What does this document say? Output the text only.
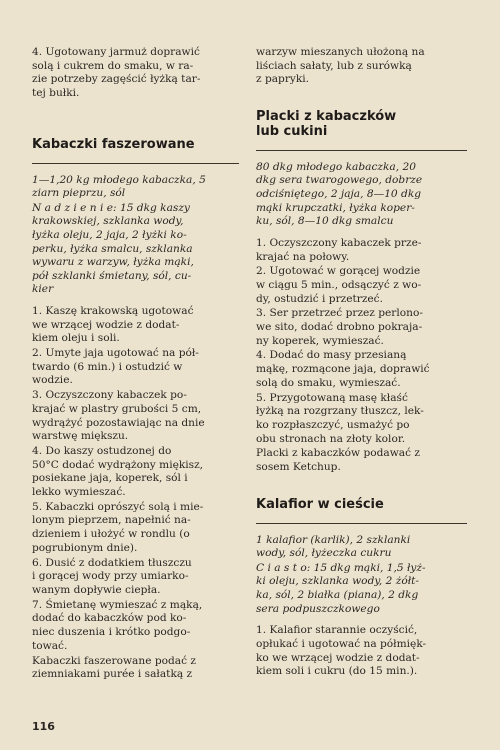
4. Ugotowany jarmuż doprawić
solą i cukrem do smaku, w ra-
zie potrzeby zagęścić łyżką tar-
tej bułki.

Kabaczki faszerowane

1—1,20 kg młodego kabaczka, 5
ziarn pieprzu, sól

N a d z i e n i e: 15 dkg kaszy
krakowskiej, szklanka wody,
łyżka oleju, 2 jaja, 2 łyżki ko-
perku, łyżka smalcu, szklanka
wywaru z warzyw, łyżka mąki,
pół szklanki śmietany, sól, cu-
kier

1. Kaszę krakowską ugotować
we wrzącej wodzie z dodat-
kiem oleju i soli.

2. Umyte jaja ugotować na pół-
twardo (6 min.) i ostudzić w
wodzie.

3. Oczyszczony kabaczek po-
krajać w plastry grubości 5 cm,
wydrążyć pozostawiając na dnie
warstwę miększu.

4. Do kaszy ostudzonej do
50°C dodać wydrążony miękisz,
posiekane jaja, koperek, sól i
lekko wymieszać.

5. Kabaczki oprószyć solą i mie-
lonym pieprzem, napełnić na-
dzieniem i ułożyć w rondlu (o
pogrubionym dnie).

6. Dusić z dodatkiem tłuszczu
i gorącej wody przy umiarko-
wanym dopływie ciepła.

7. Śmietanę wymieszać z mąką,
dodać do kabaczków pod ko-
niec duszenia i krótko podgo-
tować.

Kabaczki faszerowane podać z
ziemniakami purée i sałatką z

warzyw mieszanych ułożoną na
liściach sałaty, lub z surówką
z papryki.

Placki z kabaczków
lub cukini

80 dkg młodego kabaczka, 20
dkg sera twarogowego, dobrze
odciśniętego, 2 jaja, 8—10 dkg
mąki krupczatki, łyżka koper-
ku, sól, 8—10 dkg smalcu

1. Oczyszczony kabaczek prze-
krajać na połowy.

2. Ugotować w gorącej wodzie
w ciągu 5 min., odsączyć z wo-
dy, ostudzić i przetrzeć.

3. Ser przetrzeć przez perlono-
we sito, dodać drobno pokraja-
ny koperek, wymieszać.

4. Dodać do masy przesianą
mąkę, rozmącone jaja, doprawić
solą do smaku, wymieszać.

5. Przygotowaną masę kłaść
łyżką na rozgrzany tłuszcz, lek-
ko rozpłaszczyć, usmażyć po
obu stronach na złoty kolor.

Placki z kabaczków podawać z
sosem Ketchup.

Kalafior w cieście

1 kalafior (karlik), 2 szklanki
wody, sól, łyżeczka cukru

C i a s t o: 15 dkg mąki, 1,5 łyż-
ki oleju, szklanka wody, 2 żółt-
ka, sól, 2 białka (piana), 2 dkg
sera podpuszczkowego

1. Kalafior starannie oczyścić,
opłukać i ugotować na półmięk-
ko we wrzącej wodzie z dodat-
kiem soli i cukru (do 15 min.).

116
